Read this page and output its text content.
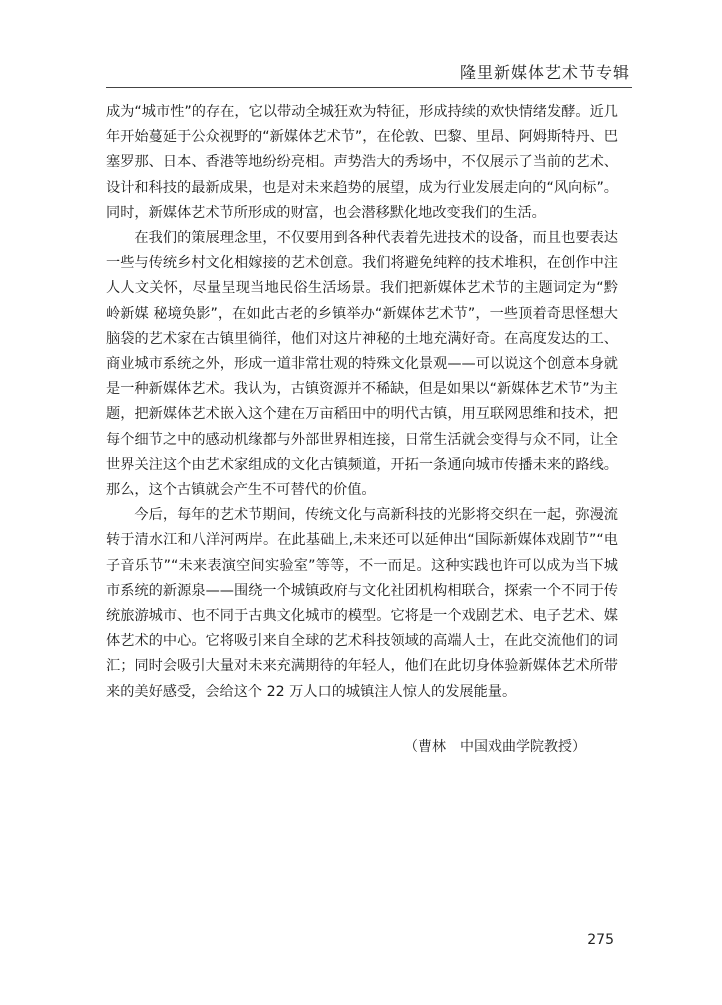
隆里新媒体艺术节专辑

成为“城市性”的存在，它以带动全城狂欢为特征，形成持续的欢快情绪发酵。近几年开始蔓延于公众视野的“新媒体艺术节”，在伦敦、巴黎、里昂、阿姆斯特丹、巴塞罗那、日本、香港等地纷纷亮相。声势浩大的秀场中，不仅展示了当前的艺术、设计和科技的最新成果，也是对未来趋势的展望，成为行业发展走向的“风向标”。同时，新媒体艺术节所形成的财富，也会潜移默化地改变我们的生活。

在我们的策展理念里，不仅要用到各种代表着先进技术的设备，而且也要表达一些与传统乡村文化相嫁接的艺术创意。我们将避免纯粹的技术堆积，在创作中注人人文关怀，尽量呈现当地民俗生活场景。我们把新媒体艺术节的主题词定为“黔岭新媒 秘境奂影”，在如此古老的乡镇举办“新媒体艺术节”，一些顶着奇思怪想大脑袋的艺术家在古镇里徜徉，他们对这片神秘的土地充满好奇。在高度发达的工、商业城市系统之外，形成一道非常壮观的特殊文化景观——可以说这个创意本身就是一种新媒体艺术。我认为，古镇资源并不稀缺，但是如果以“新媒体艺术节”为主题，把新媒体艺术嵌入这个建在万亩稻田中的明代古镇，用互联网思维和技术，把每个细节之中的感动机缘都与外部世界相连接，日常生活就会变得与众不同，让全世界关注这个由艺术家组成的文化古镇频道，开拓一条通向城市传播未来的路线。那么，这个古镇就会产生不可替代的价值。

今后，每年的艺术节期间，传统文化与高新科技的光影将交织在一起，弥漫流转于清水江和八洋河两岸。在此基础上,未来还可以延伸出“国际新媒体戏剧节”“电子音乐节”“未来表演空间实验室”等等，不一而足。这种实践也许可以成为当下城市系统的新源泉——围绕一个城镇政府与文化社团机构相联合，探索一个不同于传统旅游城市、也不同于古典文化城市的模型。它将是一个戏剧艺术、电子艺术、媒体艺术的中心。它将吸引来自全球的艺术科技领域的高端人士，在此交流他们的词汇；同时会吸引大量对未来充满期待的年轻人，他们在此切身体验新媒体艺术所带来的美好感受，会给这个 22 万人口的城镇注人惊人的发展能量。

（曹林　中国戏曲学院教授）
275
